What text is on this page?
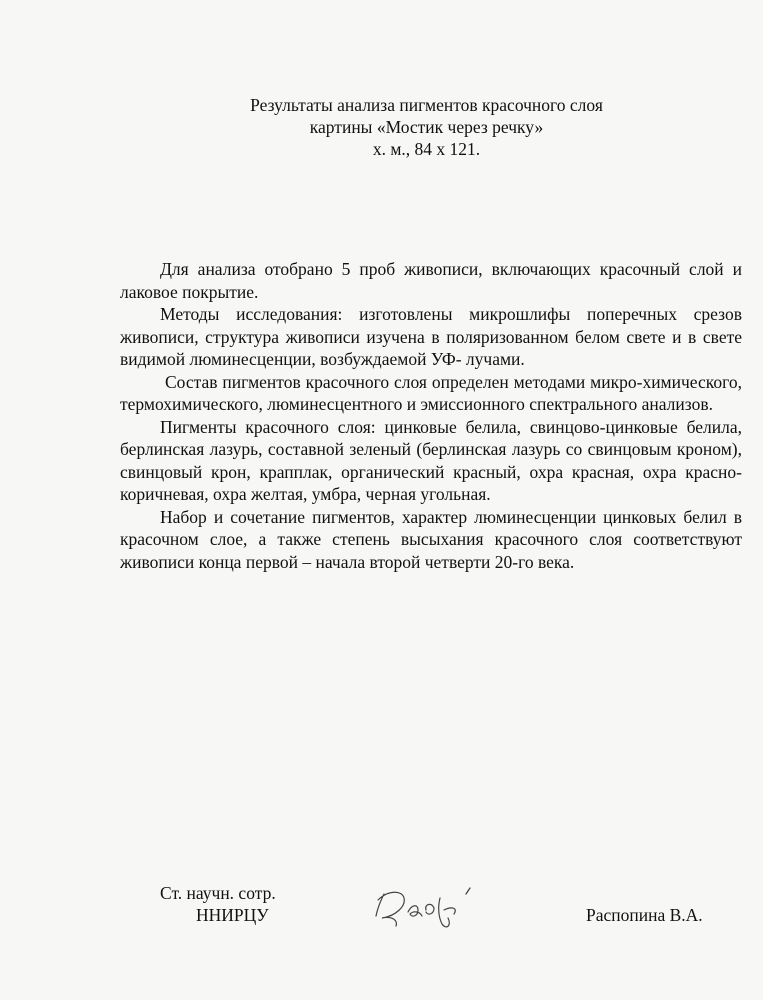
Результаты анализа пигментов красочного слоя
картины «Мостик через речку»
х. м., 84 х 121.

Для анализа отобрано 5 проб живописи, включающих красочный слой и лаковое покрытие.

Методы исследования: изготовлены микрошлифы поперечных срезов живописи, структура живописи изучена в поляризованном белом свете и в свете видимой люминесценции, возбуждаемой УФ- лучами.

Состав пигментов красочного слоя определен методами микро-химического, термохимического, люминесцентного и эмиссионного спектрального анализов.

Пигменты красочного слоя: цинковые белила, свинцово-цинковые белила, берлинская лазурь, составной зеленый (берлинская лазурь со свинцовым кроном), свинцовый крон, крапплак, органический красный, охра красная, охра красно-коричневая, охра желтая, умбра, черная угольная.

Набор и сочетание пигментов, характер люминесценции цинковых белил в красочном слое, а также степень высыхания красочного слоя соответствуют живописи конца первой – начала второй четверти 20-го века.

Ст. научн. сотр.
ННИРЦУ	Распопина В.А.
